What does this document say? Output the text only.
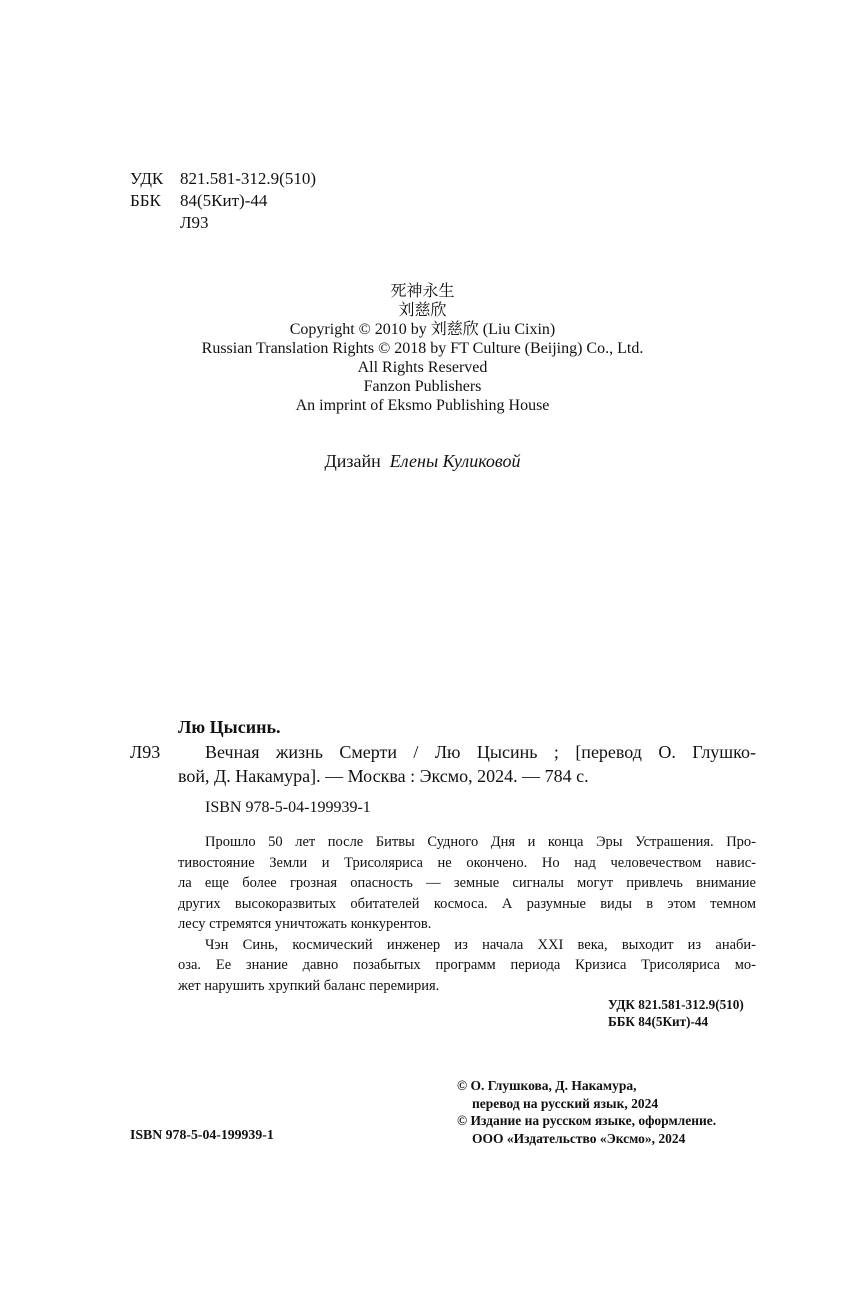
УДК 821.581-312.9(510)
ББК 84(5Кит)-44
Л93
死神永生
刘慈欣
Copyright © 2010 by 刘慈欣 (Liu Cixin)
Russian Translation Rights © 2018 by FT Culture (Beijing) Co., Ltd.
All Rights Reserved
Fanzon Publishers
An imprint of Eksmo Publishing House
Дизайн Елены Куликовой
Лю Цысинь.
Л93 Вечная жизнь Смерти / Лю Цысинь ; [перевод О. Глушко-
вой, Д. Накамура]. — Москва : Эксмо, 2024. — 784 с.
ISBN 978-5-04-199939-1
Прошло 50 лет после Битвы Судного Дня и конца Эры Устрашения. Про-
тивостояние Земли и Трисоляриса не окончено. Но над человечеством навис-
ла еще более грозная опасность — земные сигналы могут привлечь внимание
других высокоразвитых обитателей космоса. А разумные виды в этом темном
лесу стремятся уничтожать конкурентов.
Чэн Синь, космический инженер из начала XXI века, выходит из анаби-
оза. Ее знание давно позабытых программ периода Кризиса Трисоляриса мо-
жет нарушить хрупкий баланс перемирия.
УДК 821.581-312.9(510)
ББК 84(5Кит)-44
ISBN 978-5-04-199939-1
© О. Глушкова, Д. Накамура,
перевод на русский язык, 2024
© Издание на русском языке, оформление.
ООО «Издательство «Эксмо», 2024
